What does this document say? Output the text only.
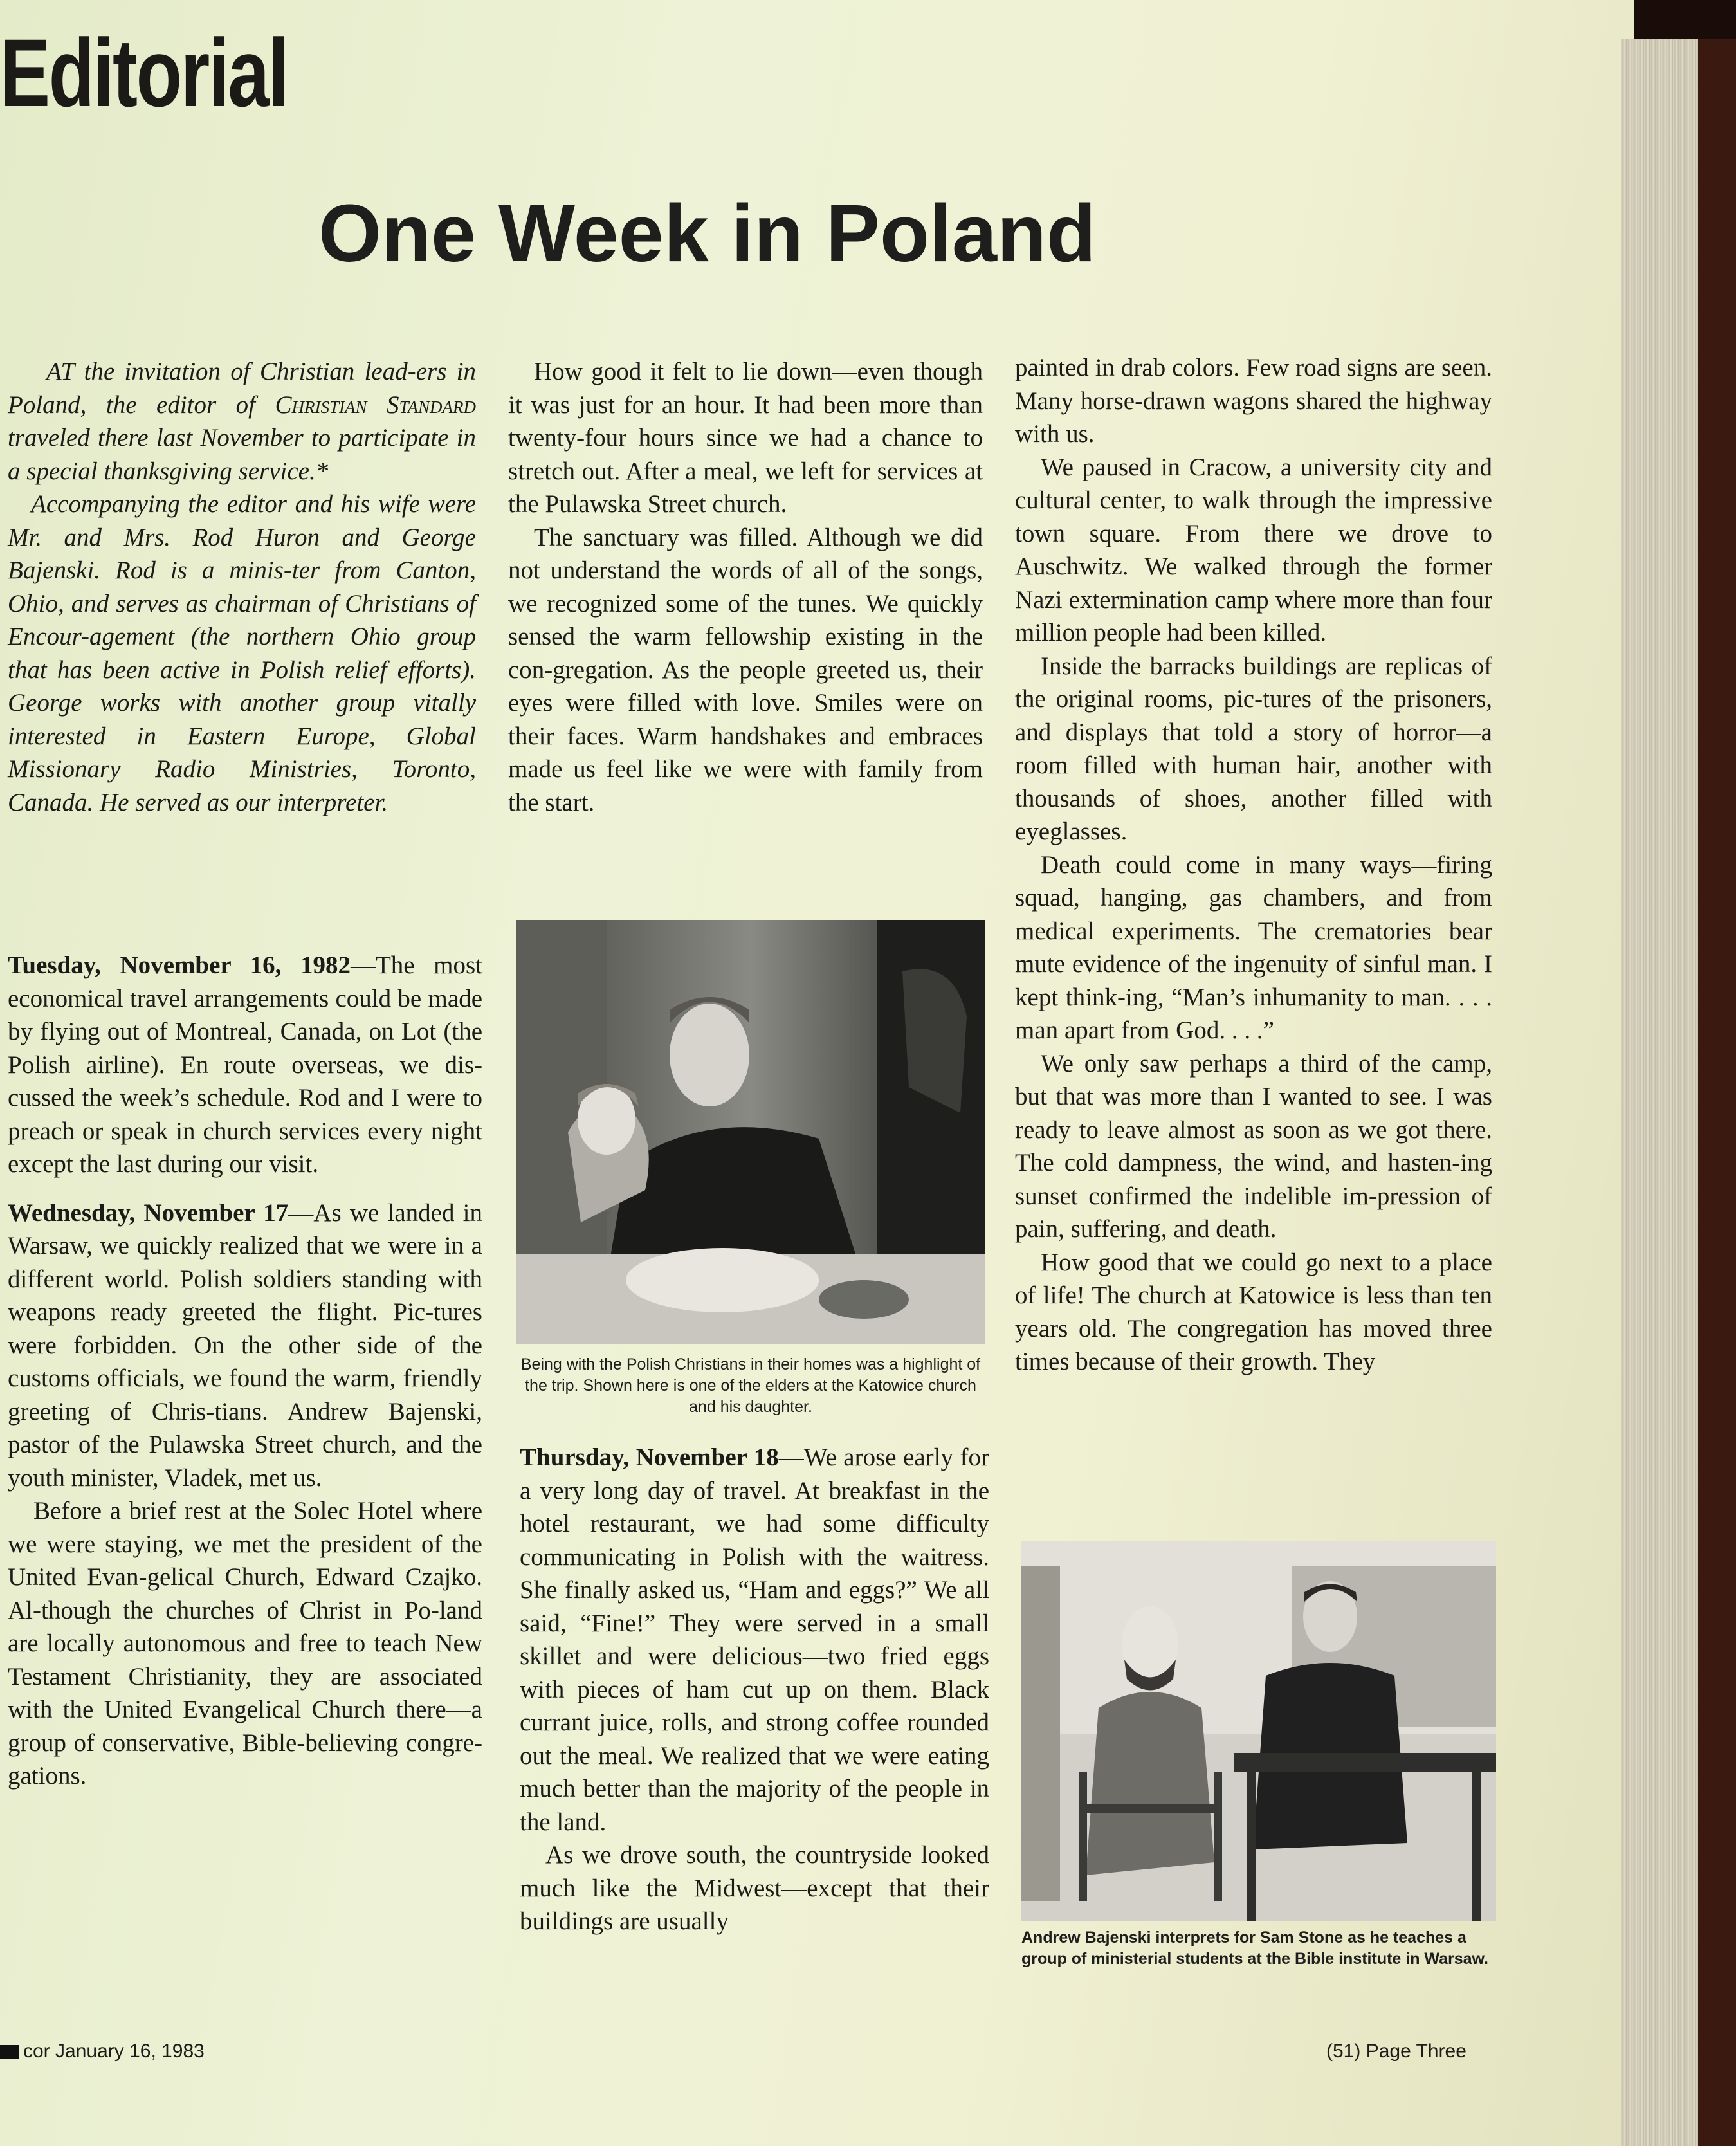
Editorial
One Week in Poland

AT the invitation of Christian lead-ers in Poland, the editor of Christian Standard traveled there last November to participate in a special thanksgiving service.*

Accompanying the editor and his wife were Mr. and Mrs. Rod Huron and George Bajenski. Rod is a minis-ter from Canton, Ohio, and serves as chairman of Christians of Encour-agement (the northern Ohio group that has been active in Polish relief efforts). George works with another group vitally interested in Eastern Europe, Global Missionary Radio Ministries, Toronto, Canada. He served as our interpreter.

Tuesday, November 16, 1982—The most economical travel arrangements could be made by flying out of Montreal, Canada, on Lot (the Polish airline). En route overseas, we dis-cussed the week’s schedule. Rod and I were to preach or speak in church services every night except the last during our visit.

Wednesday, November 17—As we landed in Warsaw, we quickly realized that we were in a different world. Polish soldiers standing with weapons ready greeted the flight. Pic-tures were forbidden. On the other side of the customs officials, we found the warm, friendly greeting of Chris-tians. Andrew Bajenski, pastor of the Pulawska Street church, and the youth minister, Vladek, met us.

Before a brief rest at the Solec Hotel where we were staying, we met the president of the United Evan-gelical Church, Edward Czajko. Al-though the churches of Christ in Po-land are locally autonomous and free to teach New Testament Christianity, they are associated with the United Evangelical Church there—a group of conservative, Bible-believing congre-gations.

How good it felt to lie down—even though it was just for an hour. It had been more than twenty-four hours since we had a chance to stretch out. After a meal, we left for services at the Pulawska Street church.

The sanctuary was filled. Although we did not understand the words of all of the songs, we recognized some of the tunes. We quickly sensed the warm fellowship existing in the con-gregation. As the people greeted us, their eyes were filled with love. Smiles were on their faces. Warm handshakes and embraces made us feel like we were with family from the start.

Being with the Polish Christians in their homes was a highlight of the trip. Shown here is one of the elders at the Katowice church and his daughter.

Thursday, November 18—We arose early for a very long day of travel. At breakfast in the hotel restaurant, we had some difficulty communicating in Polish with the waitress. She finally asked us, “Ham and eggs?” We all said, “Fine!” They were served in a small skillet and were delicious—two fried eggs with pieces of ham cut up on them. Black currant juice, rolls, and strong coffee rounded out the meal. We realized that we were eating much better than the majority of the people in the land.

As we drove south, the countryside looked much like the Midwest—except that their buildings are usually

painted in drab colors. Few road signs are seen. Many horse-drawn wagons shared the highway with us.

We paused in Cracow, a university city and cultural center, to walk through the impressive town square. From there we drove to Auschwitz. We walked through the former Nazi extermination camp where more than four million people had been killed.

Inside the barracks buildings are replicas of the original rooms, pic-tures of the prisoners, and displays that told a story of horror—a room filled with human hair, another with thousands of shoes, another filled with eyeglasses.

Death could come in many ways—firing squad, hanging, gas chambers, and from medical experiments. The crematories bear mute evidence of the ingenuity of sinful man. I kept think-ing, “Man’s inhumanity to man. . . . man apart from God. . . .”

We only saw perhaps a third of the camp, but that was more than I wanted to see. I was ready to leave almost as soon as we got there. The cold dampness, the wind, and hasten-ing sunset confirmed the indelible im-pression of pain, suffering, and death.

How good that we could go next to a place of life! The church at Katowice is less than ten years old. The congregation has moved three times because of their growth. They

Andrew Bajenski interprets for Sam Stone as he teaches a group of ministerial students at the Bible institute in Warsaw.
cor January 16, 1983	(51) Page Three
